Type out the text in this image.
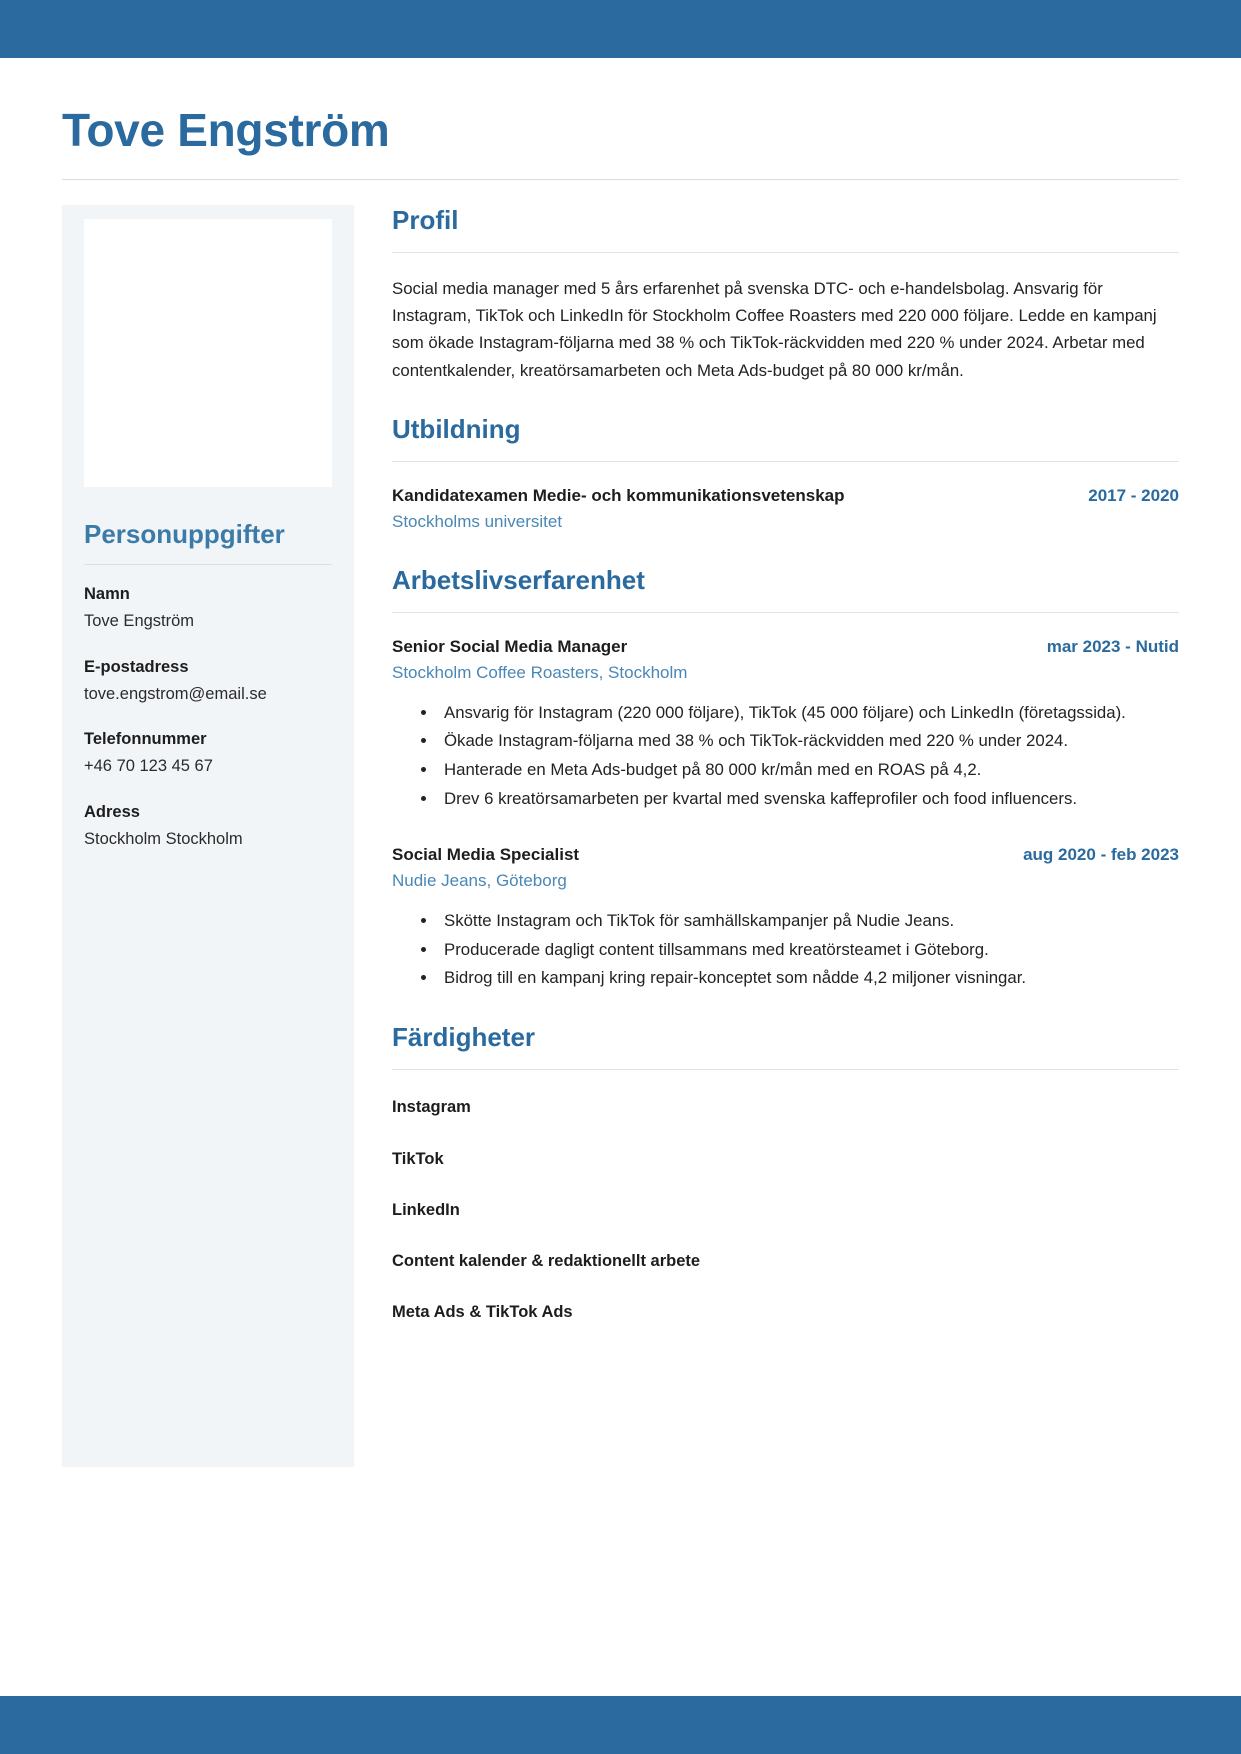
Tove Engström
Personuppgifter
Namn
Tove Engström
E-postadress
tove.engstrom@email.se
Telefonnummer
+46 70 123 45 67
Adress
Stockholm Stockholm
Profil

Social media manager med 5 års erfarenhet på svenska DTC- och e-handelsbolag. Ansvarig för Instagram, TikTok och LinkedIn för Stockholm Coffee Roasters med 220 000 följare. Ledde en kampanj som ökade Instagram-följarna med 38 % och TikTok-räckvidden med 220 % under 2024. Arbetar med contentkalender, kreatörsamarbeten och Meta Ads-budget på 80 000 kr/mån.

Utbildning
Kandidatexamen Medie- och kommunikationsvetenskap	2017 - 2020
Stockholms universitet
Arbetslivserfarenhet
Senior Social Media Manager	mar 2023 - Nutid
Stockholm Coffee Roasters, Stockholm
• Ansvarig för Instagram (220 000 följare), TikTok (45 000 följare) och LinkedIn (företagssida).
• Ökade Instagram-följarna med 38 % och TikTok-räckvidden med 220 % under 2024.
• Hanterade en Meta Ads-budget på 80 000 kr/mån med en ROAS på 4,2.
• Drev 6 kreatörsamarbeten per kvartal med svenska kaffeprofiler och food influencers.
Social Media Specialist	aug 2020 - feb 2023
Nudie Jeans, Göteborg
• Skötte Instagram och TikTok för samhällskampanjer på Nudie Jeans.
• Producerade dagligt content tillsammans med kreatörsteamet i Göteborg.
• Bidrog till en kampanj kring repair-konceptet som nådde 4,2 miljoner visningar.
Färdigheter
Instagram
TikTok
LinkedIn
Content kalender & redaktionellt arbete
Meta Ads & TikTok Ads
